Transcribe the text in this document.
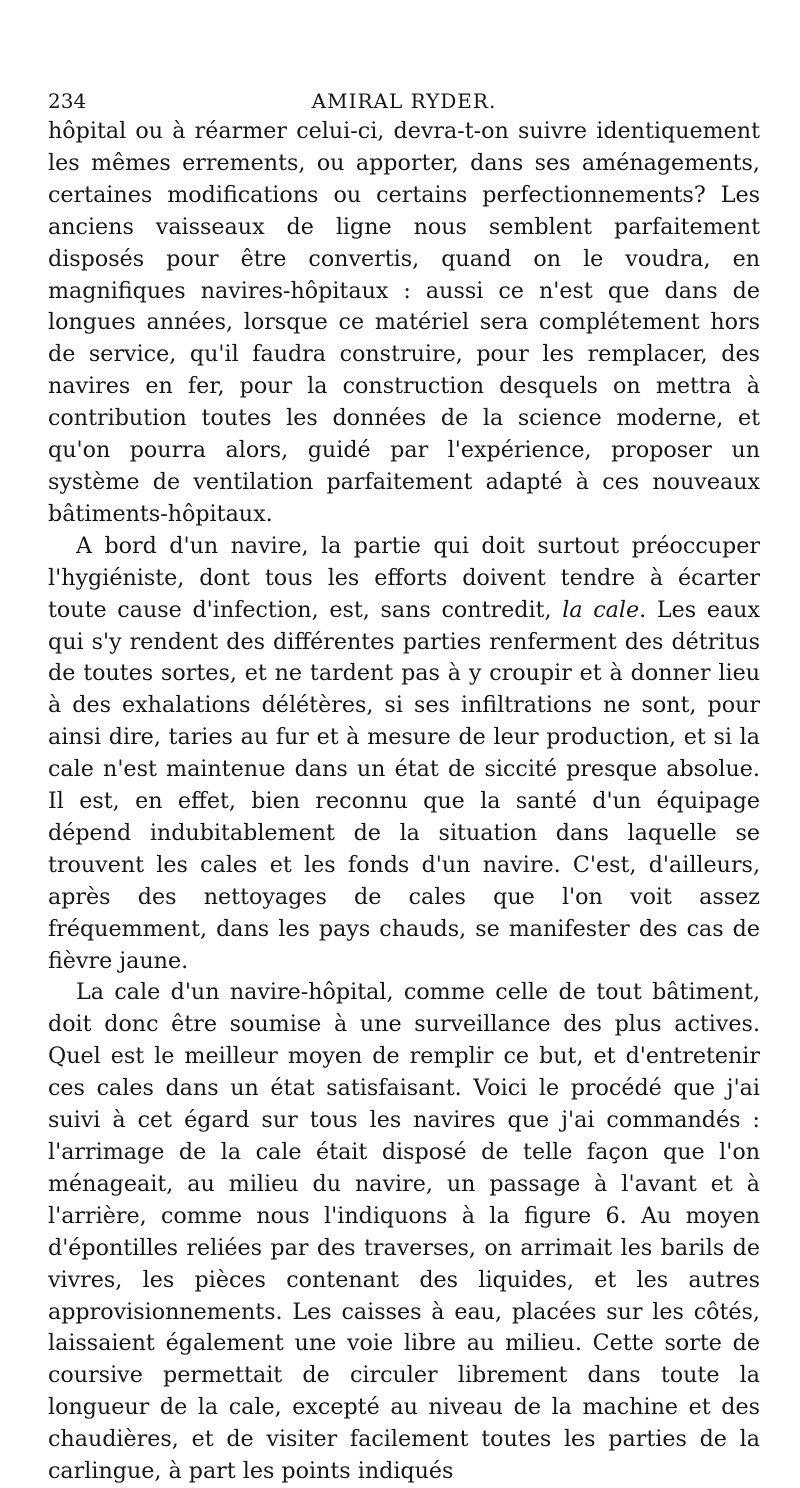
234	AMIRAL RYDER.

hôpital ou à réarmer celui-ci, devra-t-on suivre identiquement les mêmes errements, ou apporter, dans ses aménagements, certaines modifications ou certains perfectionnements? Les anciens vaisseaux de ligne nous semblent parfaitement disposés pour être convertis, quand on le voudra, en magnifiques navires-hôpitaux : aussi ce n'est que dans de longues années, lorsque ce matériel sera complétement hors de service, qu'il faudra construire, pour les remplacer, des navires en fer, pour la construction desquels on mettra à contribution toutes les données de la science moderne, et qu'on pourra alors, guidé par l'expérience, proposer un système de ventilation parfaitement adapté à ces nouveaux bâtiments-hôpitaux.

A bord d'un navire, la partie qui doit surtout préoccuper l'hygiéniste, dont tous les efforts doivent tendre à écarter toute cause d'infection, est, sans contredit, la cale. Les eaux qui s'y rendent des différentes parties renferment des détritus de toutes sortes, et ne tardent pas à y croupir et à donner lieu à des exhalations délétères, si ses infiltrations ne sont, pour ainsi dire, taries au fur et à mesure de leur production, et si la cale n'est maintenue dans un état de siccité presque absolue. Il est, en effet, bien reconnu que la santé d'un équipage dépend indubitablement de la situation dans laquelle se trouvent les cales et les fonds d'un navire. C'est, d'ailleurs, après des nettoyages de cales que l'on voit assez fréquemment, dans les pays chauds, se manifester des cas de fièvre jaune.

La cale d'un navire-hôpital, comme celle de tout bâtiment, doit donc être soumise à une surveillance des plus actives. Quel est le meilleur moyen de remplir ce but, et d'entretenir ces cales dans un état satisfaisant. Voici le procédé que j'ai suivi à cet égard sur tous les navires que j'ai commandés : l'arrimage de la cale était disposé de telle façon que l'on ménageait, au milieu du navire, un passage à l'avant et à l'arrière, comme nous l'indiquons à la figure 6. Au moyen d'épontilles reliées par des traverses, on arrimait les barils de vivres, les pièces contenant des liquides, et les autres approvisionnements. Les caisses à eau, placées sur les côtés, laissaient également une voie libre au milieu. Cette sorte de coursive permettait de circuler librement dans toute la longueur de la cale, excepté au niveau de la machine et des chaudières, et de visiter facilement toutes les parties de la carlingue, à part les points indiqués
